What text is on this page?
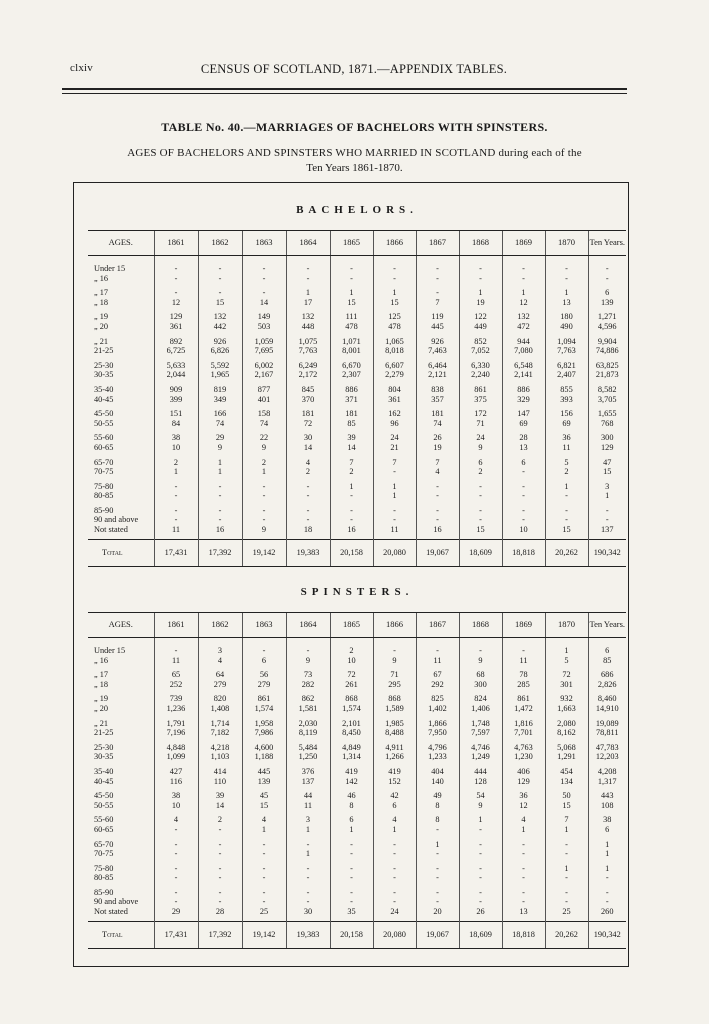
clxiv	CENSUS OF SCOTLAND, 1871.—APPENDIX TABLES.
TABLE No. 40.—MARRIAGES OF BACHELORS WITH SPINSTERS.
AGES OF BACHELORS AND SPINSTERS WHO MARRIED IN SCOTLAND during each of the
Ten Years 1861-1870.
BACHELORS.
AGES.	1861	1862	1863	1864	1865	1866	1867	1868	1869	1870	Ten Years.
Under 15	-	-	-	-	-	-	-	-	-	-	-
„ 16	-	-	-	-	-	-	-	-	-	-	-

„ 17	-	-	-	1	1	1	-	1	1	1	6
„ 18	12	15	14	17	15	15	7	19	12	13	139

„ 19	129	132	149	132	111	125	119	122	132	180	1,271
„ 20	361	442	503	448	478	478	445	449	472	490	4,596

„ 21	892	926	1,059	1,075	1,071	1,065	926	852	944	1,094	9,904
21-25	6,725	6,826	7,695	7,763	8,001	8,018	7,463	7,052	7,080	7,763	74,886

25-30	5,633	5,592	6,002	6,249	6,670	6,607	6,464	6,330	6,548	6,821	63,825
30-35	2,044	1,965	2,167	2,172	2,307	2,279	2,121	2,240	2,141	2,407	21,873

35-40	909	819	877	845	886	804	838	861	886	855	8,582
40-45	399	349	401	370	371	361	357	375	329	393	3,705

45-50	151	166	158	181	181	162	181	172	147	156	1,655
50-55	84	74	74	72	85	96	74	71	69	69	768

55-60	38	29	22	30	39	24	26	24	28	36	300
60-65	10	9	9	14	14	21	19	9	13	11	129

65-70	2	1	2	4	7	7	7	6	6	5	47
70-75	1	1	1	2	2	-	4	2	-	2	15

75-80	-	-	-	-	1	1	-	-	-	1	3
80-85	-	-	-	-	-	1	-	-	-	-	1

85-90	-	-	-	-	-	-	-	-	-	-	-
90 and above	-	-	-	-	-	-	-	-	-	-	-
Not stated	11	16	9	18	16	11	16	15	10	15	137
Total	17,431	17,392	19,142	19,383	20,158	20,080	19,067	18,609	18,818	20,262	190,342
SPINSTERS.
AGES.	1861	1862	1863	1864	1865	1866	1867	1868	1869	1870	Ten Years.
Under 15	-	3	-	-	2	-	-	-	-	1	6
„ 16	11	4	6	9	10	9	11	9	11	5	85

„ 17	65	64	56	73	72	71	67	68	78	72	686
„ 18	252	279	279	282	261	295	292	300	285	301	2,826

„ 19	739	820	861	862	868	868	825	824	861	932	8,460
„ 20	1,236	1,408	1,574	1,581	1,574	1,589	1,402	1,406	1,472	1,663	14,910

„ 21	1,791	1,714	1,958	2,030	2,101	1,985	1,866	1,748	1,816	2,080	19,089
21-25	7,196	7,182	7,986	8,119	8,450	8,488	7,950	7,597	7,701	8,162	78,811

25-30	4,848	4,218	4,600	5,484	4,849	4,911	4,796	4,746	4,763	5,068	47,783
30-35	1,099	1,103	1,188	1,250	1,314	1,266	1,233	1,249	1,230	1,291	12,203

35-40	427	414	445	376	419	419	404	444	406	454	4,208
40-45	116	110	139	137	142	152	140	128	129	134	1,317

45-50	38	39	45	44	46	42	49	54	36	50	443
50-55	10	14	15	11	8	6	8	9	12	15	108

55-60	4	2	4	3	6	4	8	1	4	7	38
60-65	-	-	1	1	1	1	-	-	1	1	6

65-70	-	-	-	-	-	-	1	-	-	-	1
70-75	-	-	-	1	-	-	-	-	-	-	1

75-80	-	-	-	-	-	-	-	-	-	1	1
80-85	-	-	-	-	-	-	-	-	-	-	-

85-90	-	-	-	-	-	-	-	-	-	-	-
90 and above	-	-	-	-	-	-	-	-	-	-	-
Not stated	29	28	25	30	35	24	20	26	13	25	260
Total	17,431	17,392	19,142	19,383	20,158	20,080	19,067	18,609	18,818	20,262	190,342
